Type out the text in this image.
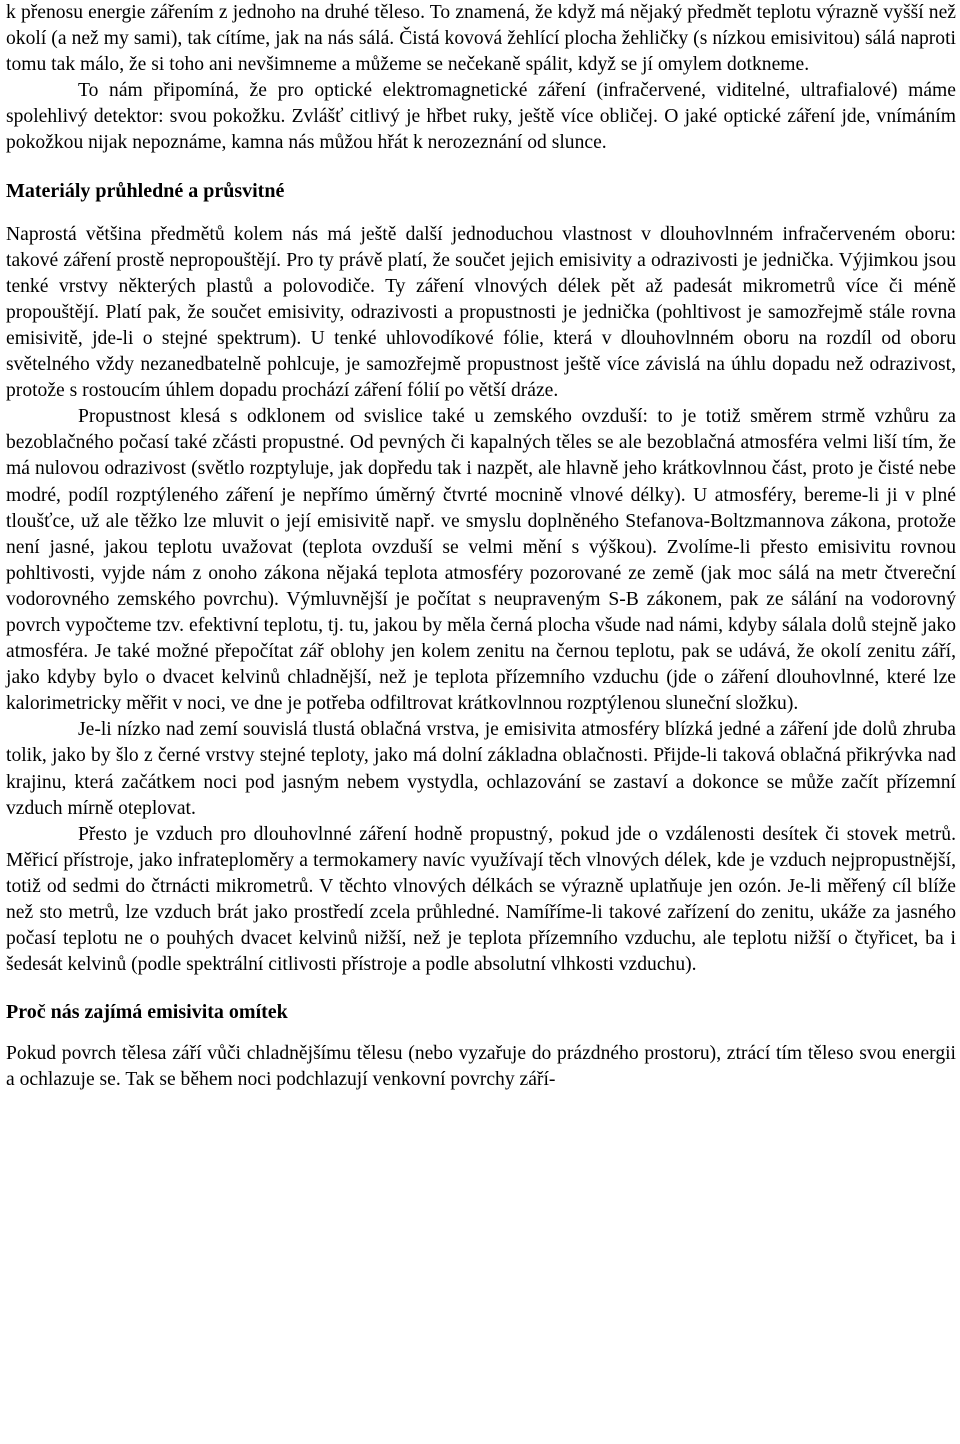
k přenosu energie zářením z jednoho na druhé těleso. To znamená, že když má nějaký předmět teplotu výrazně vyšší než okolí (a než my sami), tak cítíme, jak na nás sálá. Čistá kovová žehlící plocha žehličky (s nízkou emisivitou) sálá naproti tomu tak málo, že si toho ani nevšimneme a můžeme se nečekaně spálit, když se jí omylem dotkneme.

To nám připomíná, že pro optické elektromagnetické záření (infračervené, viditelné, ultrafialové) máme spolehlivý detektor: svou pokožku. Zvlášť citlivý je hřbet ruky, ještě více obličej. O jaké optické záření jde, vnímáním pokožkou nijak nepoznáme, kamna nás můžou hřát k nerozeznání od slunce.

Materiály průhledné a průsvitné

Naprostá většina předmětů kolem nás má ještě další jednoduchou vlastnost v dlouhovlnném infračerveném oboru: takové záření prostě nepropouštějí. Pro ty právě platí, že součet jejich emisivity a odrazivosti je jednička. Výjimkou jsou tenké vrstvy některých plastů a polovodiče. Ty záření vlnových délek pět až padesát mikrometrů více či méně propouštějí. Platí pak, že součet emisivity, odrazivosti a propustnosti je jednička (pohltivost je samozřejmě stále rovna emisivitě, jde-li o stejné spektrum). U tenké uhlovodíkové fólie, která v dlouhovlnném oboru na rozdíl od oboru světelného vždy nezanedbatelně pohlcuje, je samozřejmě propustnost ještě více závislá na úhlu dopadu než odrazivost, protože s rostoucím úhlem dopadu prochází záření fólií po větší dráze.

Propustnost klesá s odklonem od svislice také u zemského ovzduší: to je totiž směrem strmě vzhůru za bezoblačného počasí také zčásti propustné. Od pevných či kapalných těles se ale bezoblačná atmosféra velmi liší tím, že má nulovou odrazivost (světlo rozptyluje, jak dopředu tak i nazpět, ale hlavně jeho krátkovlnnou část, proto je čisté nebe modré, podíl rozptýleného záření je nepřímo úměrný čtvrté mocnině vlnové délky). U atmosféry, bereme-li ji v plné tloušťce, už ale těžko lze mluvit o její emisivitě např. ve smyslu doplněného Stefanova-Boltzmannova zákona, protože není jasné, jakou teplotu uvažovat (teplota ovzduší se velmi mění s výškou). Zvolíme-li přesto emisivitu rovnou pohltivosti, vyjde nám z onoho zákona nějaká teplota atmosféry pozorované ze země (jak moc sálá na metr čtvereční vodorovného zemského povrchu). Výmluvnější je počítat s neupraveným S-B zákonem, pak ze sálání na vodorovný povrch vypočteme tzv. efektivní teplotu, tj. tu, jakou by měla černá plocha všude nad námi, kdyby sálala dolů stejně jako atmosféra. Je také možné přepočítat zář oblohy jen kolem zenitu na černou teplotu, pak se udává, že okolí zenitu září, jako kdyby bylo o dvacet kelvinů chladnější, než je teplota přízemního vzduchu (jde o záření dlouhovlnné, které lze kalorimetricky měřit v noci, ve dne je potřeba odfiltrovat krátkovlnnou rozptýlenou sluneční složku).

Je-li nízko nad zemí souvislá tlustá oblačná vrstva, je emisivita atmosféry blízká jedné a záření jde dolů zhruba tolik, jako by šlo z černé vrstvy stejné teploty, jako má dolní základna oblačnosti. Přijde-li taková oblačná přikrývka nad krajinu, která začátkem noci pod jasným nebem vystydla, ochlazování se zastaví a dokonce se může začít přízemní vzduch mírně oteplovat.

Přesto je vzduch pro dlouhovlnné záření hodně propustný, pokud jde o vzdálenosti desítek či stovek metrů. Měřicí přístroje, jako infrateploměry a termokamery navíc využívají těch vlnových délek, kde je vzduch nejpropustnější, totiž od sedmi do čtrnácti mikrometrů. V těchto vlnových délkách se výrazně uplatňuje jen ozón. Je-li měřený cíl blíže než sto metrů, lze vzduch brát jako prostředí zcela průhledné. Namíříme-li takové zařízení do zenitu, ukáže za jasného počasí teplotu ne o pouhých dvacet kelvinů nižší, než je teplota přízemního vzduchu, ale teplotu nižší o čtyřicet, ba i šedesát kelvinů (podle spektrální citlivosti přístroje a podle absolutní vlhkosti vzduchu).

Proč nás zajímá emisivita omítek

Pokud povrch tělesa září vůči chladnějšímu tělesu (nebo vyzařuje do prázdného prostoru), ztrácí tím těleso svou energii a ochlazuje se. Tak se během noci podchlazují venkovní povrchy září-
